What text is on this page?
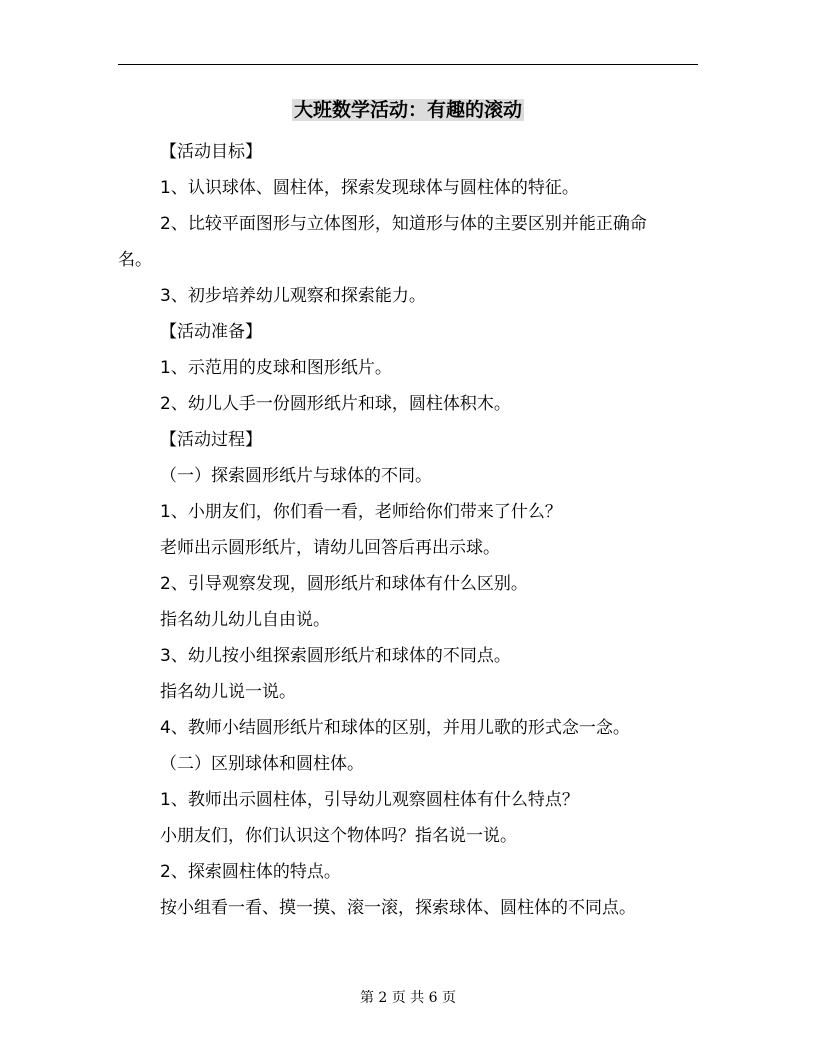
大班数学活动：有趣的滚动
【活动目标】
1、认识球体、圆柱体，探索发现球体与圆柱体的特征。
2、比较平面图形与立体图形，知道形与体的主要区别并能正确命
名。
3、初步培养幼儿观察和探索能力。
【活动准备】
1、示范用的皮球和图形纸片。
2、幼儿人手一份圆形纸片和球，圆柱体积木。
【活动过程】
（一）探索圆形纸片与球体的不同。
1、小朋友们，你们看一看，老师给你们带来了什么？
老师出示圆形纸片，请幼儿回答后再出示球。
2、引导观察发现，圆形纸片和球体有什么区别。
指名幼儿幼儿自由说。
3、幼儿按小组探索圆形纸片和球体的不同点。
指名幼儿说一说。
4、教师小结圆形纸片和球体的区别，并用儿歌的形式念一念。
（二）区别球体和圆柱体。
1、教师出示圆柱体，引导幼儿观察圆柱体有什么特点？
小朋友们，你们认识这个物体吗？指名说一说。
2、探索圆柱体的特点。
按小组看一看、摸一摸、滚一滚，探索球体、圆柱体的不同点。
第 2 页 共 6 页
